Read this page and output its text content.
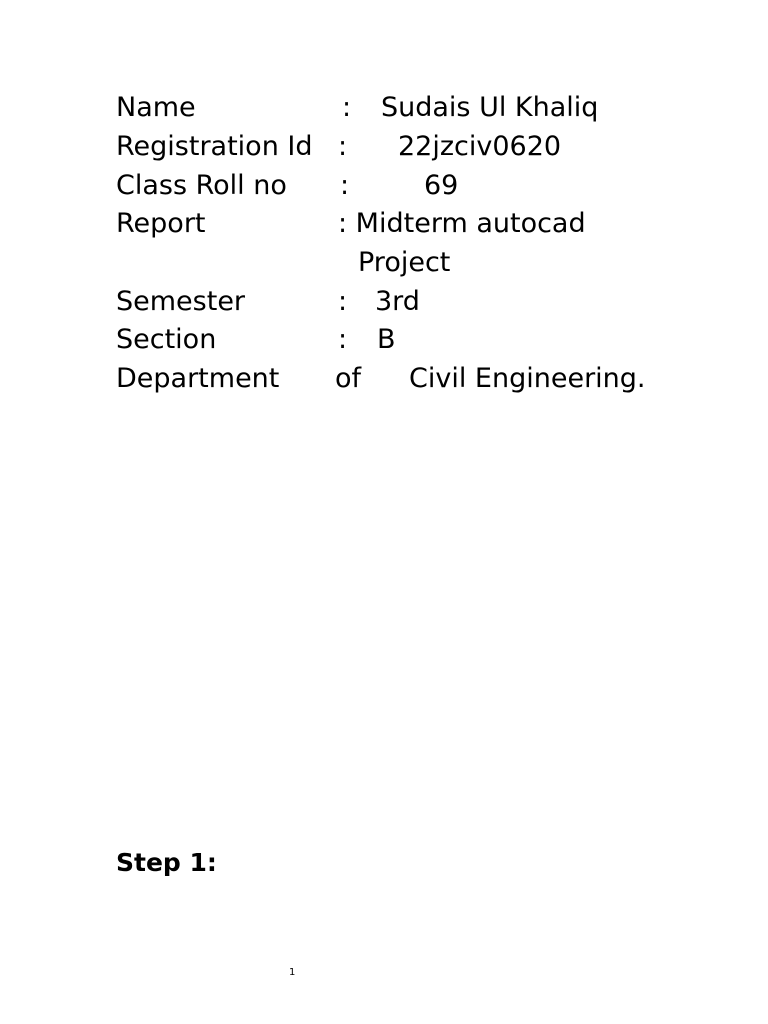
Name	: Sudais Ul Khaliq
Registration Id : 22jzciv0620
Class Roll no :	69
Report	: Midterm autocad
Project
Semester	: 3rd
Section	: B
Department of Civil Engineering.
Step 1:
1
